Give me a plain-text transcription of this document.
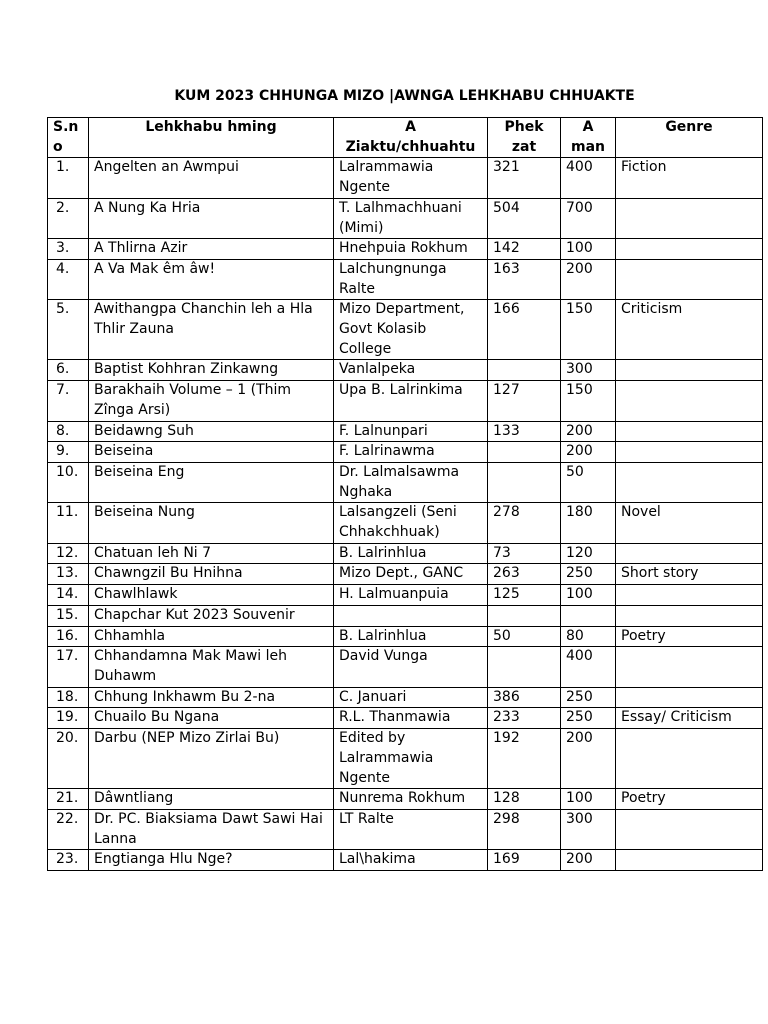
KUM 2023 CHHUNGA MIZO |AWNGA LEHKHABU CHHUAKTE
S.no	Lehkhabu hming	A Ziaktu/chhuahtu	Phek zat	A man	Genre
1.	Angelten an Awmpui	Lalrammawia Ngente	321	400	Fiction
2.	A Nung Ka Hria	T. Lalhmachhuani (Mimi)	504	700	
3.	A Thlirna Azir	Hnehpuia Rokhum	142	100	
4.	A Va Mak êm âw!	Lalchungnunga Ralte	163	200	
5.	Awithangpa Chanchin leh a Hla Thlir Zauna	Mizo Department, Govt Kolasib College	166	150	Criticism
6.	Baptist Kohhran Zinkawng	Vanlalpeka		300	
7.	Barakhaih Volume – 1 (Thim Zînga Arsi)	Upa B. Lalrinkima	127	150	
8.	Beidawng Suh	F. Lalnunpari	133	200	
9.	Beiseina	F. Lalrinawma		200	
10.	Beiseina Eng	Dr. Lalmalsawma Nghaka		50	
11.	Beiseina Nung	Lalsangzeli (Seni Chhakchhuak)	278	180	Novel
12.	Chatuan leh Ni 7	B. Lalrinhlua	73	120	
13.	Chawngzil Bu Hnihna	Mizo Dept., GANC	263	250	Short story
14.	Chawlhlawk	H. Lalmuanpuia	125	100	
15.	Chapchar Kut 2023 Souvenir				
16.	Chhamhla	B. Lalrinhlua	50	80	Poetry
17.	Chhandamna Mak Mawi leh Duhawm	David Vunga		400	
18.	Chhung Inkhawm Bu 2-na	C. Januari	386	250	
19.	Chuailo Bu Ngana	R.L. Thanmawia	233	250	Essay/ Criticism
20.	Darbu (NEP Mizo Zirlai Bu)	Edited by Lalrammawia Ngente	192	200	
21.	Dâwntliang	Nunrema Rokhum	128	100	Poetry
22.	Dr. PC. Biaksiama Dawt Sawi Hai Lanna	LT Ralte	298	300	
23.	Engtianga Hlu Nge?	Lal\hakima	169	200	
